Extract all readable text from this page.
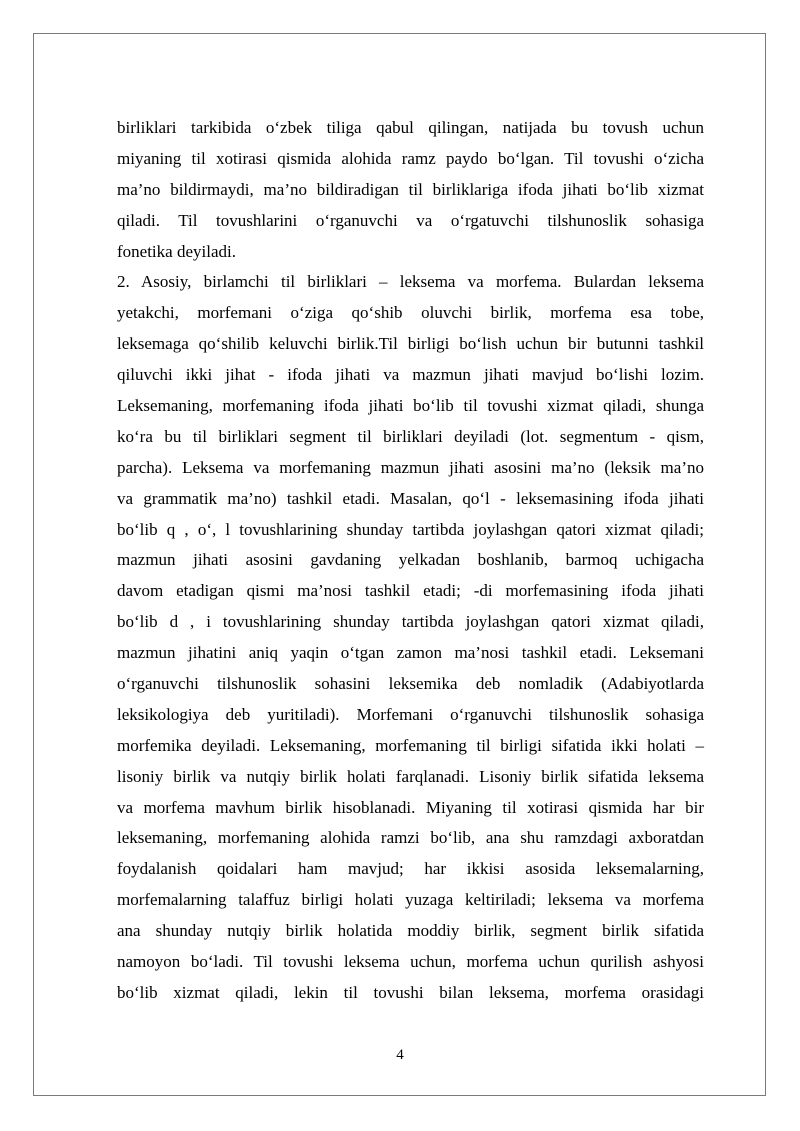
birliklari tarkibida o‘zbek tiliga qabul qilingan, natijada bu tovush uchun
miyaning til xotirasi qismida alohida ramz paydo bo‘lgan. Til tovushi o‘zicha
ma’no bildirmaydi, ma’no bildiradigan til birliklariga ifoda jihati bo‘lib xizmat
qiladi. Til tovushlarini o‘rganuvchi va o‘rgatuvchi tilshunoslik sohasiga
fonetika deyiladi.
2. Asosiy, birlamchi til birliklari – leksema va morfema. Bulardan leksema
yetakchi, morfemani o‘ziga qo‘shib oluvchi birlik, morfema esa tobe,
leksemaga qo‘shilib keluvchi birlik.Til birligi bo‘lish uchun bir butunni tashkil
qiluvchi ikki jihat - ifoda jihati va mazmun jihati mavjud bo‘lishi lozim.
Leksemaning, morfemaning ifoda jihati bo‘lib til tovushi xizmat qiladi, shunga
ko‘ra bu til birliklari segment til birliklari deyiladi (lot. segmentum - qism,
parcha). Leksema va morfemaning mazmun jihati asosini ma’no (leksik ma’no
va grammatik ma’no) tashkil etadi. Masalan, qo‘l - leksemasining ifoda jihati
bo‘lib q , o‘, l tovushlarining shunday tartibda joylashgan qatori xizmat qiladi;
mazmun jihati asosini gavdaning yelkadan boshlanib, barmoq uchigacha
davom etadigan qismi ma’nosi tashkil etadi; -di morfemasining ifoda jihati
bo‘lib d , i tovushlarining shunday tartibda joylashgan qatori xizmat qiladi,
mazmun jihatini aniq yaqin o‘tgan zamon ma’nosi tashkil etadi. Leksemani
o‘rganuvchi tilshunoslik sohasini leksemika deb nomladik (Adabiyotlarda
leksikologiya deb yuritiladi). Morfemani o‘rganuvchi tilshunoslik sohasiga
morfemika deyiladi. Leksemaning, morfemaning til birligi sifatida ikki holati –
lisoniy birlik va nutqiy birlik holati farqlanadi. Lisoniy birlik sifatida leksema
va morfema mavhum birlik hisoblanadi. Miyaning til xotirasi qismida har bir
leksemaning, morfemaning alohida ramzi bo‘lib, ana shu ramzdagi axboratdan
foydalanish qoidalari ham mavjud; har ikkisi asosida leksemalarning,
morfemalarning talaffuz birligi holati yuzaga keltiriladi; leksema va morfema
ana shunday nutqiy birlik holatida moddiy birlik, segment birlik sifatida
namoyon bo‘ladi. Til tovushi leksema uchun, morfema uchun qurilish ashyosi
bo‘lib xizmat qiladi, lekin til tovushi bilan leksema, morfema orasidagi
4
